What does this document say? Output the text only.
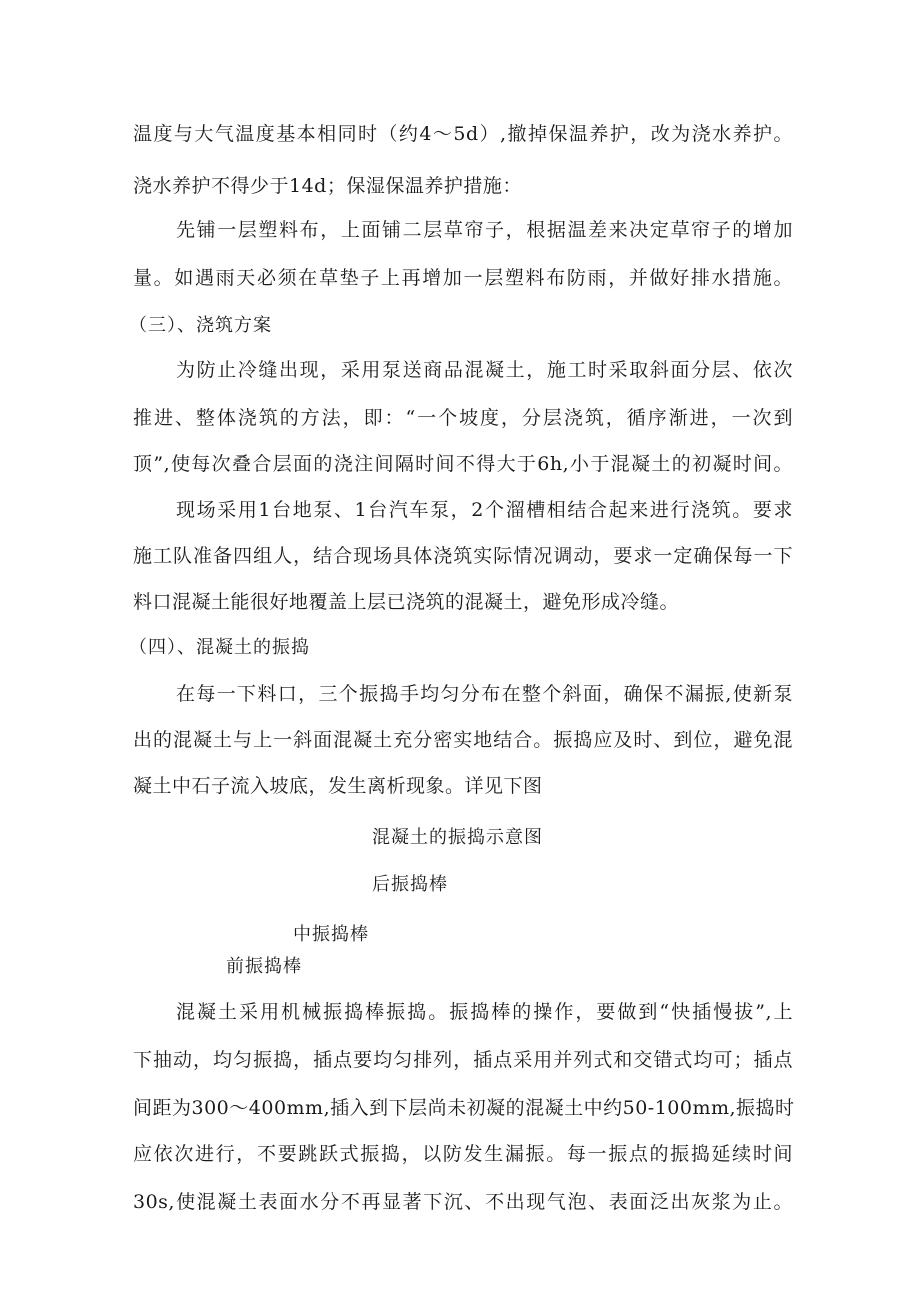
温度与大气温度基本相同时（约4～5d）,撤掉保温养护，改为浇水养护。
浇水养护不得少于14d；保湿保温养护措施：
先铺一层塑料布，上面铺二层草帘子，根据温差来决定草帘子的增加
量。如遇雨天必须在草垫子上再增加一层塑料布防雨，并做好排水措施。
（三）、浇筑方案
为防止冷缝出现，采用泵送商品混凝土，施工时采取斜面分层、依次
推进、整体浇筑的方法，即：“一个坡度，分层浇筑，循序渐进，一次到
顶”,使每次叠合层面的浇注间隔时间不得大于6h,小于混凝土的初凝时间。
现场采用1台地泵、1台汽车泵，2个溜槽相结合起来进行浇筑。要求
施工队准备四组人，结合现场具体浇筑实际情况调动，要求一定确保每一下
料口混凝土能很好地覆盖上层已浇筑的混凝土，避免形成冷缝。
（四）、混凝土的振捣
在每一下料口，三个振捣手均匀分布在整个斜面，确保不漏振,使新泵
出的混凝土与上一斜面混凝土充分密实地结合。振捣应及时、到位，避免混
凝土中石子流入坡底，发生离析现象。详见下图
混凝土的振捣示意图
后振捣棒
中振捣棒
前振捣棒
混凝土采用机械振捣棒振捣。振捣棒的操作，要做到“快插慢拔”,上
下抽动，均匀振捣，插点要均匀排列，插点采用并列式和交错式均可；插点
间距为300～400mm,插入到下层尚未初凝的混凝土中约50-100mm,振捣时
应依次进行，不要跳跃式振捣，以防发生漏振。每一振点的振捣延续时间
30s,使混凝土表面水分不再显著下沉、不出现气泡、表面泛出灰浆为止。
